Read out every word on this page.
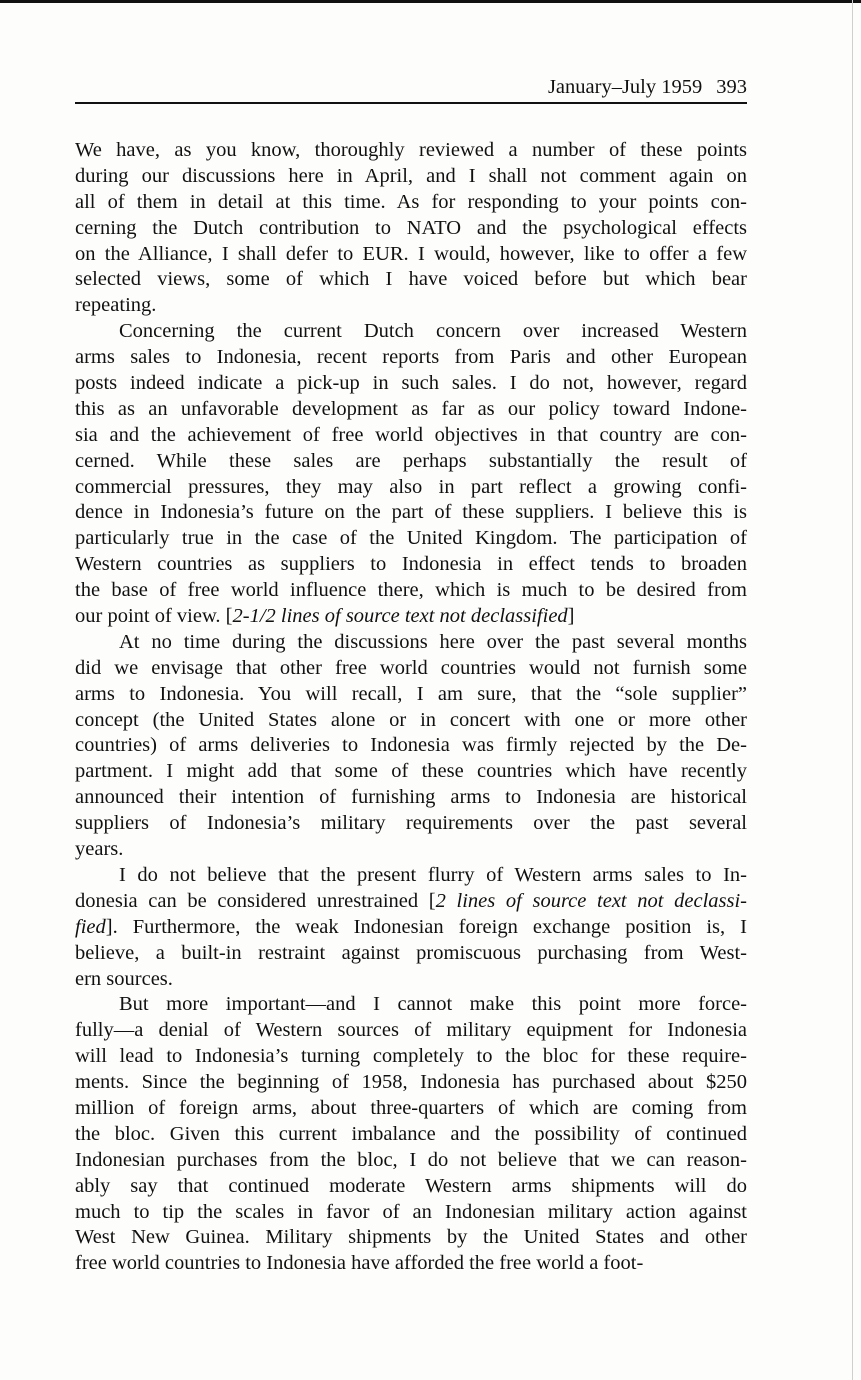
January–July 1959 393
We have, as you know, thoroughly reviewed a number of these points
during our discussions here in April, and I shall not comment again on
all of them in detail at this time. As for responding to your points con-
cerning the Dutch contribution to NATO and the psychological effects
on the Alliance, I shall defer to EUR. I would, however, like to offer a few
selected views, some of which I have voiced before but which bear
repeating.
Concerning the current Dutch concern over increased Western
arms sales to Indonesia, recent reports from Paris and other European
posts indeed indicate a pick-up in such sales. I do not, however, regard
this as an unfavorable development as far as our policy toward Indone-
sia and the achievement of free world objectives in that country are con-
cerned. While these sales are perhaps substantially the result of
commercial pressures, they may also in part reflect a growing confi-
dence in Indonesia’s future on the part of these suppliers. I believe this is
particularly true in the case of the United Kingdom. The participation of
Western countries as suppliers to Indonesia in effect tends to broaden
the base of free world influence there, which is much to be desired from
our point of view. [2-1/2 lines of source text not declassified]
At no time during the discussions here over the past several months
did we envisage that other free world countries would not furnish some
arms to Indonesia. You will recall, I am sure, that the “sole supplier”
concept (the United States alone or in concert with one or more other
countries) of arms deliveries to Indonesia was firmly rejected by the De-
partment. I might add that some of these countries which have recently
announced their intention of furnishing arms to Indonesia are historical
suppliers of Indonesia’s military requirements over the past several
years.
I do not believe that the present flurry of Western arms sales to In-
donesia can be considered unrestrained [2 lines of source text not declassi-
fied]. Furthermore, the weak Indonesian foreign exchange position is, I
believe, a built-in restraint against promiscuous purchasing from West-
ern sources.
But more important—and I cannot make this point more force-
fully—a denial of Western sources of military equipment for Indonesia
will lead to Indonesia’s turning completely to the bloc for these require-
ments. Since the beginning of 1958, Indonesia has purchased about $250
million of foreign arms, about three-quarters of which are coming from
the bloc. Given this current imbalance and the possibility of continued
Indonesian purchases from the bloc, I do not believe that we can reason-
ably say that continued moderate Western arms shipments will do
much to tip the scales in favor of an Indonesian military action against
West New Guinea. Military shipments by the United States and other
free world countries to Indonesia have afforded the free world a foot-
